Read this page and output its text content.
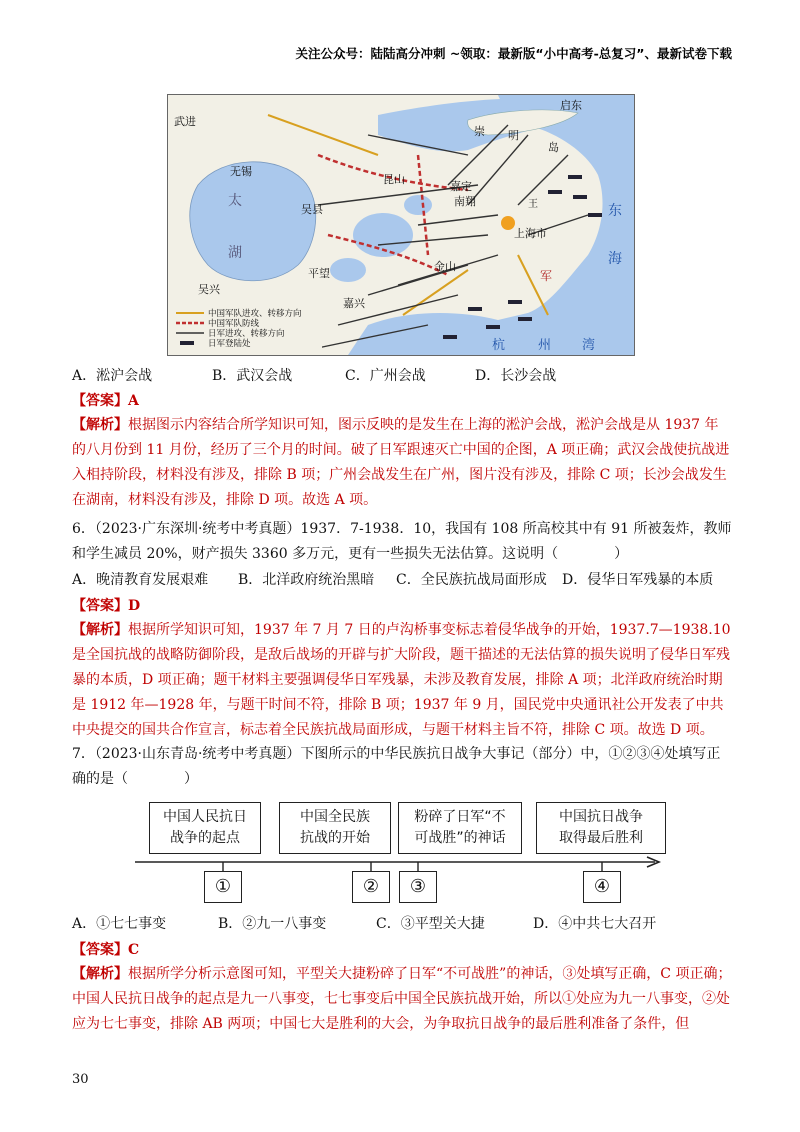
关注公众号：陆陆高分冲刺 ~领取：最新版“小中高考-总复习”、最新试卷下载
武进
无锡
吴县
湖
太
吴兴
平望
嘉兴
昆山
嘉定
南翔
上海市
金山
启东
崇 明
岛
东
海
杭	州 湾
军
王
中国军队进攻、转移方向
中国军队防线
日军进攻、转移方向
日军登陆处
A．淞沪会战	B．武汉会战	C．广州会战	D．长沙会战
【答案】A
【解析】根据图示内容结合所学知识可知，图示反映的是发生在上海的淞沪会战，淞沪会战是从 1937 年的八月份到 11 月份，经历了三个月的时间。破了日军跟速灭亡中国的企图，A 项正确；武汉会战使抗战进入相持阶段，材料没有涉及，排除 B 项；广州会战发生在广州，图片没有涉及，排除 C 项；长沙会战发生在湖南，材料没有涉及，排除 D 项。故选 A 项。
6．（2023·广东深圳·统考中考真题）1937．7-1938．10，我国有 108 所高校其中有 91 所被轰炸，教师和学生减员 20%，财产损失 3360 多万元，更有一些损失无法估算。这说明（　　　　）
A．晚清教育发展艰难 B．北洋政府统治黑暗 C．全民族抗战局面形成 D．侵华日军残暴的本质
【答案】D
【解析】根据所学知识可知，1937 年 7 月 7 日的卢沟桥事变标志着侵华战争的开始，1937.7—1938.10 是全国抗战的战略防御阶段，是敌后战场的开辟与扩大阶段，题干描述的无法估算的损失说明了侵华日军残暴的本质，D 项正确；题干材料主要强调侵华日军残暴，未涉及教育发展，排除 A 项；北洋政府统治时期是 1912 年—1928 年，与题干时间不符，排除 B 项；1937 年 9 月，国民党中央通讯社公开发表了中共中央提交的国共合作宣言，标志着全民族抗战局面形成，与题干材料主旨不符，排除 C 项。故选 D 项。
7．（2023·山东青岛·统考中考真题）下图所示的中华民族抗日战争大事记（部分）中，①②③④处填写正确的是（　　　　）
中国人民抗日
战争的起点
中国全民族
抗战的开始
粉碎了日军“不
可战胜”的神话
中国抗日战争
取得最后胜利
①	②	③	④
A．①七七事变	B．②九一八事变	C．③平型关大捷	D．④中共七大召开
【答案】C
【解析】根据所学分析示意图可知，平型关大捷粉碎了日军“不可战胜”的神话，③处填写正确，C 项正确；中国人民抗日战争的起点是九一八事变，七七事变后中国全民族抗战开始，所以①处应为九一八事变，②处应为七七事变，排除 AB 两项；中国七大是胜利的大会，为争取抗日战争的最后胜利准备了条件，但
30
